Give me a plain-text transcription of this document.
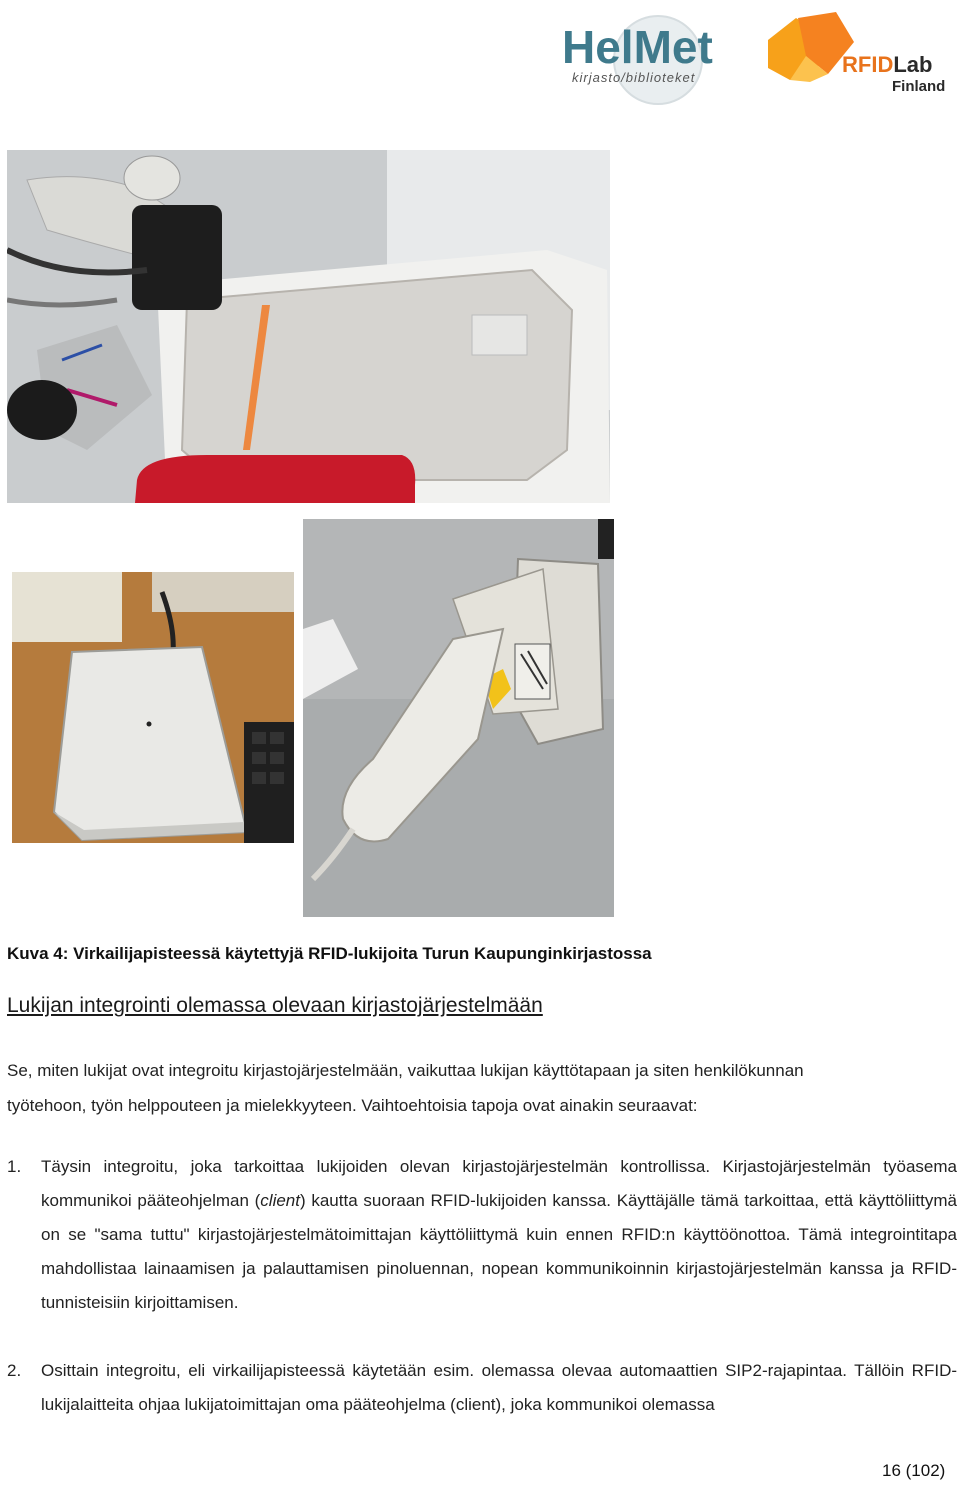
HelMet
kirjasto/biblioteket
RFIDLab
Finland
Kuva 4: Virkailijapisteessä käytettyjä RFID-lukijoita Turun Kaupunginkirjastossa
Lukijan integrointi olemassa olevaan kirjastojärjestelmään
Se, miten lukijat ovat integroitu kirjastojärjestelmään, vaikuttaa lukijan käyttötapaan ja siten henkilökunnan
työtehoon, työn helppouteen ja mielekkyyteen. Vaihtoehtoisia tapoja ovat ainakin seuraavat:
1. Täysin integroitu, joka tarkoittaa lukijoiden olevan kirjastojärjestelmän kontrollissa. Kirjastojärjestelmän työasema kommunikoi pääteohjelman (client) kautta suoraan RFID-lukijoiden kanssa. Käyttäjälle tämä tarkoittaa, että käyttöliittymä on se "sama tuttu" kirjastojärjestelmätoimittajan käyttöliittymä kuin ennen RFID:n käyttöönottoa. Tämä integrointitapa mahdollistaa lainaamisen ja palauttamisen pinoluennan, nopean kommunikoinnin kirjastojärjestelmän kanssa ja RFID-tunnisteisiin kirjoittamisen.
2. Osittain integroitu, eli virkailijapisteessä käytetään esim. olemassa olevaa automaattien SIP2-rajapintaa. Tällöin RFID-lukijalaitteita ohjaa lukijatoimittajan oma pääteohjelma (client), joka kommunikoi olemassa
16 (102)
